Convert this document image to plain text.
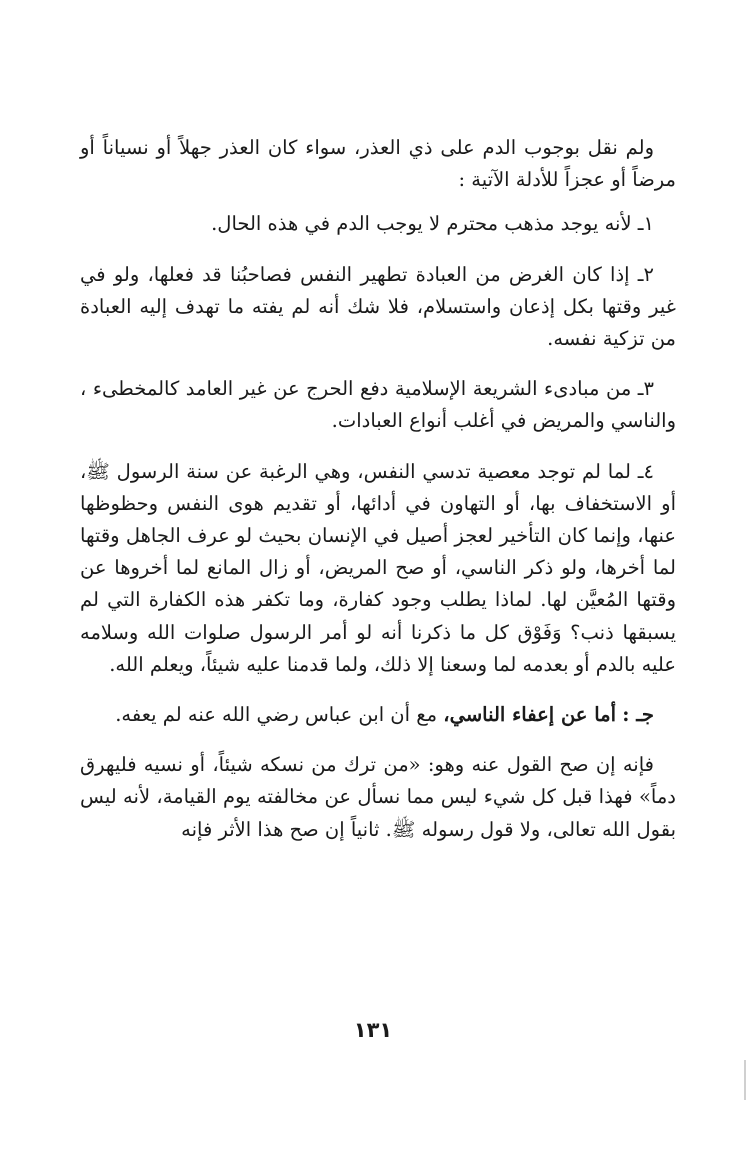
ولم نقل بوجوب الدم على ذي العذر، سواء كان العذر جهلاً أو نسياناً أو مرضاً أو عجزاً للأدلة الآتية :

١ـ لأنه يوجد مذهب محترم لا يوجب الدم في هذه الحال.

٢ـ إذا كان الغرض من العبادة تطهير النفس فصاحبُنا قد فعلها، ولو في غير وقتها بكل إذعان واستسلام، فلا شك أنه لم يفته ما تهدف إليه العبادة من تزكية نفسه.

٣ـ من مبادىء الشريعة الإسلامية دفع الحرج عن غير العامد كالمخطىء ، والناسي والمريض في أغلب أنواع العبادات.

٤ـ لما لم توجد معصية تدسي النفس، وهي الرغبة عن سنة الرسول ﷺ، أو الاستخفاف بها، أو التهاون في أدائها، أو تقديم هوى النفس وحظوظها عنها، وإنما كان التأخير لعجز أصيل في الإنسان بحيث لو عرف الجاهل وقتها لما أخرها، ولو ذكر الناسي، أو صح المريض، أو زال المانع لما أخروها عن وقتها المُعيَّن لها. لماذا يطلب وجود كفارة، وما تكفر هذه الكفارة التي لم يسبقها ذنب؟ وَفَوْق كل ما ذكرنا أنه لو أمر الرسول صلوات الله وسلامه عليه بالدم أو بعدمه لما وسعنا إلا ذلك، ولما قدمنا عليه شيئاً، ويعلم الله.

جـ : أما عن إعفاء الناسي، مع أن ابن عباس رضي الله عنه لم يعفه.

فإنه إن صح القول عنه وهو: «من ترك من نسكه شيئاً، أو نسيه فليهرق دماً» فهذا قبل كل شيء ليس مما نسأل عن مخالفته يوم القيامة، لأنه ليس بقول الله تعالى، ولا قول رسوله ﷺ. ثانياً إن صح هذا الأثر فإنه

١٣١
